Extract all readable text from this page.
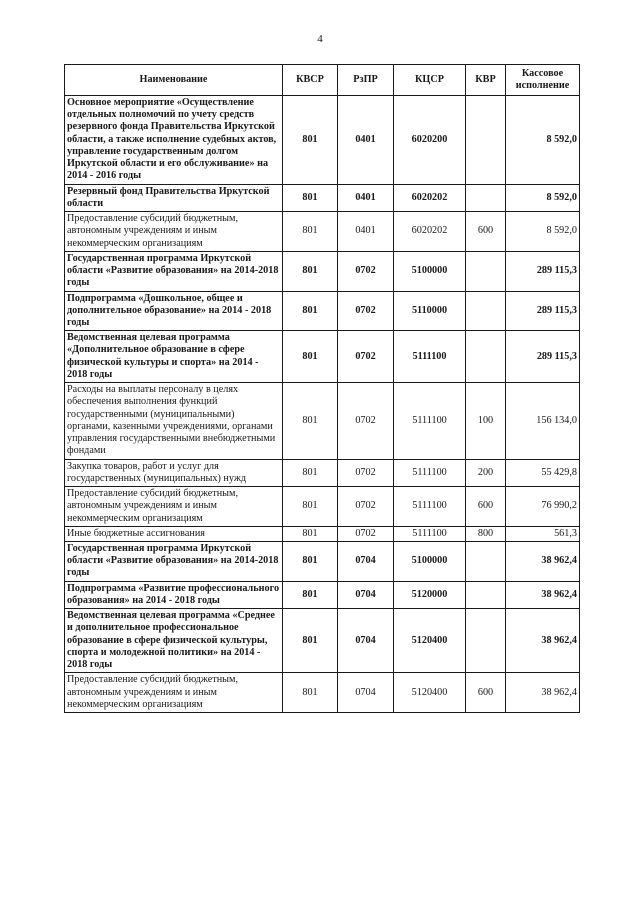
4
Наименование	КВСР	РзПР	КЦСР	КВР	Кассовое исполнение
Основное мероприятие «Осуществление отдельных полномочий по учету средств резервного фонда Правительства Иркутской области, а также исполнение судебных актов, управление государственным долгом Иркутской области и его обслуживание» на 2014 - 2016 годы	801	0401	6020200		8 592,0
Резервный фонд Правительства Иркутской области	801	0401	6020202		8 592,0
Предоставление субсидий бюджетным, автономным учреждениям и иным некоммерческим организациям	801	0401	6020202	600	8 592,0
Государственная программа Иркутской области «Развитие образования» на 2014-2018 годы	801	0702	5100000		289 115,3
Подпрограмма «Дошкольное, общее и дополнительное образование» на 2014 - 2018 годы	801	0702	5110000		289 115,3
Ведомственная целевая программа «Дополнительное образование в сфере физической культуры и спорта» на 2014 - 2018 годы	801	0702	5111100		289 115,3
Расходы на выплаты персоналу в целях обеспечения выполнения функций государственными (муниципальными) органами, казенными учреждениями, органами управления государственными внебюджетными фондами	801	0702	5111100	100	156 134,0
Закупка товаров, работ и услуг для государственных (муниципальных) нужд	801	0702	5111100	200	55 429,8
Предоставление субсидий бюджетным, автономным учреждениям и иным некоммерческим организациям	801	0702	5111100	600	76 990,2
Иные бюджетные ассигнования	801	0702	5111100	800	561,3
Государственная программа Иркутской области «Развитие образования» на 2014-2018 годы	801	0704	5100000		38 962,4
Подпрограмма «Развитие профессионального образования» на 2014 - 2018 годы	801	0704	5120000		38 962,4
Ведомственная целевая программа «Среднее и дополнительное профессиональное образование в сфере физической культуры, спорта и молодежной политики» на 2014 - 2018 годы	801	0704	5120400		38 962,4
Предоставление субсидий бюджетным, автономным учреждениям и иным некоммерческим организациям	801	0704	5120400	600	38 962,4
